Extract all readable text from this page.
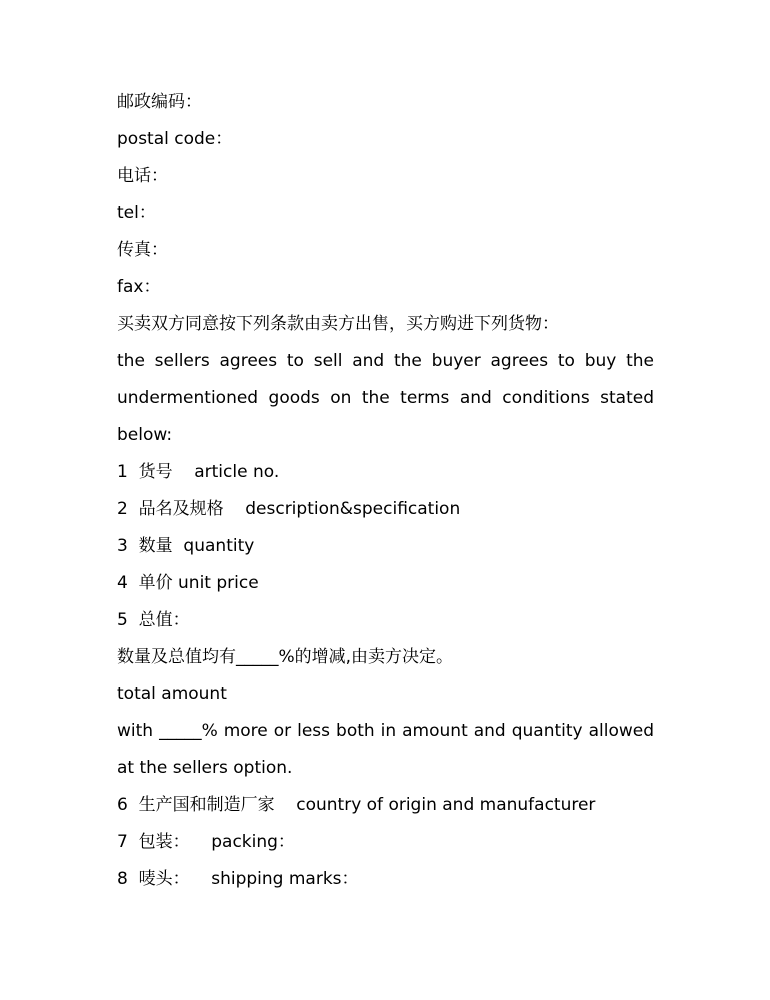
邮政编码：
postal code：
电话：
tel：
传真：
fax：
买卖双方同意按下列条款由卖方出售，买方购进下列货物：
the sellers agrees to sell and the buyer agrees to buy the undermentioned goods on the terms and conditions stated below:
1  货号    article no.
2  品名及规格    description&specification
3  数量  quantity
4  单价 unit price
5  总值：
数量及总值均有_____%的增减,由卖方决定。
total amount
with _____% more or less both in amount and quantity allowed at the sellers option.
6  生产国和制造厂家    country of origin and manufacturer
7  包装：    packing：
8  唛头：    shipping marks：
